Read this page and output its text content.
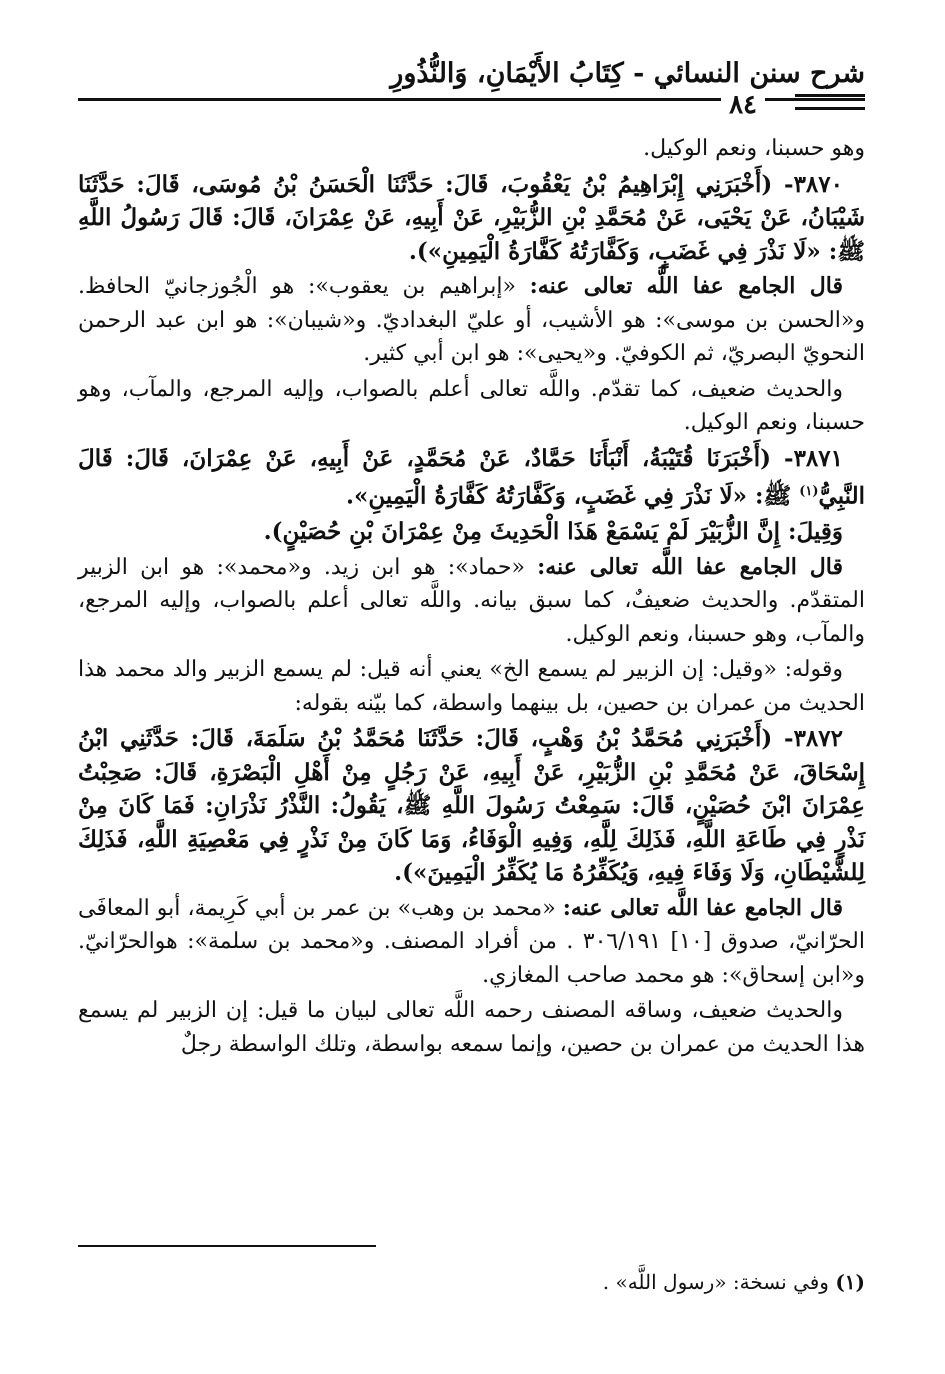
شرح سنن النسائي - كِتَابُ الأَيْمَانِ، وَالنُّذُورِ
٨٤

وهو حسبنا، ونعم الوكيل.

٣٨٧٠- (أَخْبَرَنِي إِبْرَاهِيمُ بْنُ يَعْقُوبَ، قَالَ: حَدَّثَنَا الْحَسَنُ بْنُ مُوسَى، قَالَ: حَدَّثَنَا شَيْبَانُ، عَنْ يَحْيَى، عَنْ مُحَمَّدِ بْنِ الزُّبَيْرِ، عَنْ أَبِيهِ، عَنْ عِمْرَانَ، قَالَ: قَالَ رَسُولُ اللَّهِ ﷺ: «لَا نَذْرَ فِي غَضَبٍ، وَكَفَّارَتُهُ كَفَّارَةُ الْيَمِينِ»).

قال الجامع عفا اللَّه تعالى عنه: «إبراهيم بن يعقوب»: هو الْجُوزجانيّ الحافظ. و«الحسن بن موسى»: هو الأشيب، أو عليّ البغداديّ. و«شيبان»: هو ابن عبد الرحمن النحويّ البصريّ، ثم الكوفيّ. و«يحيى»: هو ابن أبي كثير.

والحديث ضعيف، كما تقدّم. واللَّه تعالى أعلم بالصواب، وإليه المرجع، والمآب، وهو حسبنا، ونعم الوكيل.

٣٨٧١- (أَخْبَرَنَا قُتَيْبَةُ، أَنْبَأَنَا حَمَّادٌ، عَنْ مُحَمَّدٍ، عَنْ أَبِيهِ، عَنْ عِمْرَانَ، قَالَ: قَالَ النَّبِيُّ$^{(١)}$ ﷺ: «لَا نَذْرَ فِي غَضَبٍ، وَكَفَّارَتُهُ كَفَّارَةُ الْيَمِينِ».

وَقِيلَ: إِنَّ الزُّبَيْرَ لَمْ يَسْمَعْ هَذَا الْحَدِيثَ مِنْ عِمْرَانَ بْنِ حُصَيْنٍ).

قال الجامع عفا اللَّه تعالى عنه: «حماد»: هو ابن زيد. و«محمد»: هو ابن الزبير المتقدّم. والحديث ضعيفٌ، كما سبق بيانه. واللَّه تعالى أعلم بالصواب، وإليه المرجع، والمآب، وهو حسبنا، ونعم الوكيل.

وقوله: «وقيل: إن الزبير لم يسمع الخ» يعني أنه قيل: لم يسمع الزبير والد محمد هذا الحديث من عمران بن حصين، بل بينهما واسطة، كما بيّنه بقوله:

٣٨٧٢- (أَخْبَرَنِي مُحَمَّدُ بْنُ وَهْبٍ، قَالَ: حَدَّثَنَا مُحَمَّدُ بْنُ سَلَمَةَ، قَالَ: حَدَّثَنِي ابْنُ إِسْحَاقَ، عَنْ مُحَمَّدِ بْنِ الزُّبَيْرِ، عَنْ أَبِيهِ، عَنْ رَجُلٍ مِنْ أَهْلِ الْبَصْرَةِ، قَالَ: صَحِبْتُ عِمْرَانَ ابْنَ حُصَيْنٍ، قَالَ: سَمِعْتُ رَسُولَ اللَّهِ ﷺ، يَقُولُ: النَّذْرُ نَذْرَانِ: فَمَا كَانَ مِنْ نَذْرٍ فِي طَاعَةِ اللَّهِ، فَذَلِكَ لِلَّهِ، وَفِيهِ الْوَفَاءُ، وَمَا كَانَ مِنْ نَذْرٍ فِي مَعْصِيَةِ اللَّهِ، فَذَلِكَ لِلشَّيْطَانِ، وَلَا وَفَاءَ فِيهِ، وَيُكَفِّرُهُ مَا يُكَفِّرُ الْيَمِينَ»).

قال الجامع عفا اللَّه تعالى عنه: «محمد بن وهب» بن عمر بن أبي كَرِيمة، أبو المعافَى الحرّانيّ، صدوق [١٠] ٣٠٦/١٩١ . من أفراد المصنف. و«محمد بن سلمة»: هوالحرّانيّ. و«ابن إسحاق»: هو محمد صاحب المغازي.

والحديث ضعيف، وساقه المصنف رحمه اللَّه تعالى لبيان ما قيل: إن الزبير لم يسمع هذا الحديث من عمران بن حصين، وإنما سمعه بواسطة، وتلك الواسطة رجلٌ

(١) وفي نسخة: «رسول اللَّه» .
